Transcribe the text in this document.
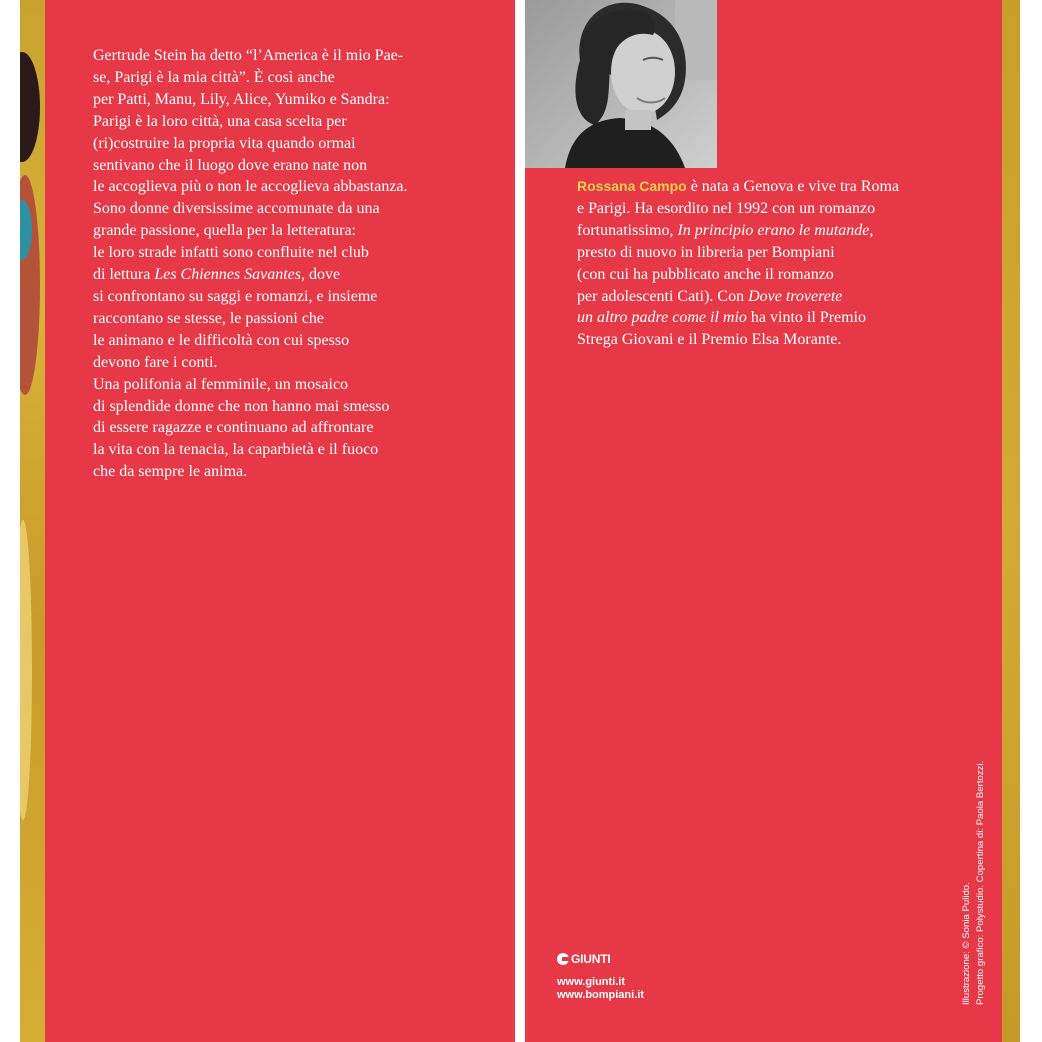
Gertrude Stein ha detto “l’America è il mio Pae-
se, Parigi è la mia città”. È così anche
per Patti, Manu, Lily, Alice, Yumiko e Sandra:
Parigi è la loro città, una casa scelta per
(ri)costruire la propria vita quando ormai
sentivano che il luogo dove erano nate non
le accoglieva più o non le accoglieva abbastanza.
Sono donne diversissime accomunate da una
grande passione, quella per la letteratura:
le loro strade infatti sono confluite nel club
di lettura Les Chiennes Savantes, dove
si confrontano su saggi e romanzi, e insieme
raccontano se stesse, le passioni che
le animano e le difficoltà con cui spesso
devono fare i conti.
Una polifonia al femminile, un mosaico
di splendide donne che non hanno mai smesso
di essere ragazze e continuano ad affrontare
la vita con la tenacia, la caparbietà e il fuoco
che da sempre le anima.
Rossana Campo è nata a Genova e vive tra Roma
e Parigi. Ha esordito nel 1992 con un romanzo
fortunatissimo, In principio erano le mutande,
presto di nuovo in libreria per Bompiani
(con cui ha pubblicato anche il romanzo
per adolescenti Cati). Con Dove troverete
un altro padre come il mio ha vinto il Premio
Strega Giovani e il Premio Elsa Morante.
GIUNTI
www.giunti.it
www.bompiani.it	Illustrazione: © Sonia Pulido. Progetto grafico: Polystudio. Copertina di: Paola Bertozzi.
